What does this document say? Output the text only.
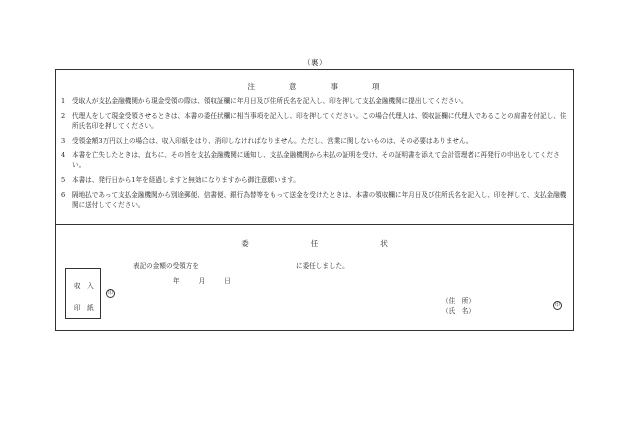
（裏）
注	意	事	項
1	受取人が支払金融機関から現金受領の際は、領収証欄に年月日及び住所氏名を記入し、印を押して支払金融機関に提出してください。
2	代理人をして現金受領させるときは、本書の委任状欄に相当事項を記入し、印を押してください。この場合代理人は、領収証欄に代理人であることの肩書を付記し、住所氏名印を押してください。
3	受領金額3万円以上の場合は、収入印紙をはり、消印しなければなりません。ただし、営業に関しないものは、その必要はありません。
4	本書を亡失したときは、直ちに、その旨を支払金融機関に通知し、支払金融機関から未払の証明を受け、その証明書を添えて会計管理者に再発行の申出をしてください。
5	本書は、発行日から1年を経過しますと無効になりますから御注意願います。
6	隔地払であって支払金融機関から別途郵便、信書便、銀行為替等をもって送金を受けたときは、本書の領収欄に年月日及び住所氏名を記入し、印を押して、支払金融機関に送付してください。
委	任	状
表記の金額の受領方を	に委任しました。
年	月	日
収　入
印　紙
印
（住　所）
（氏　名）
印
